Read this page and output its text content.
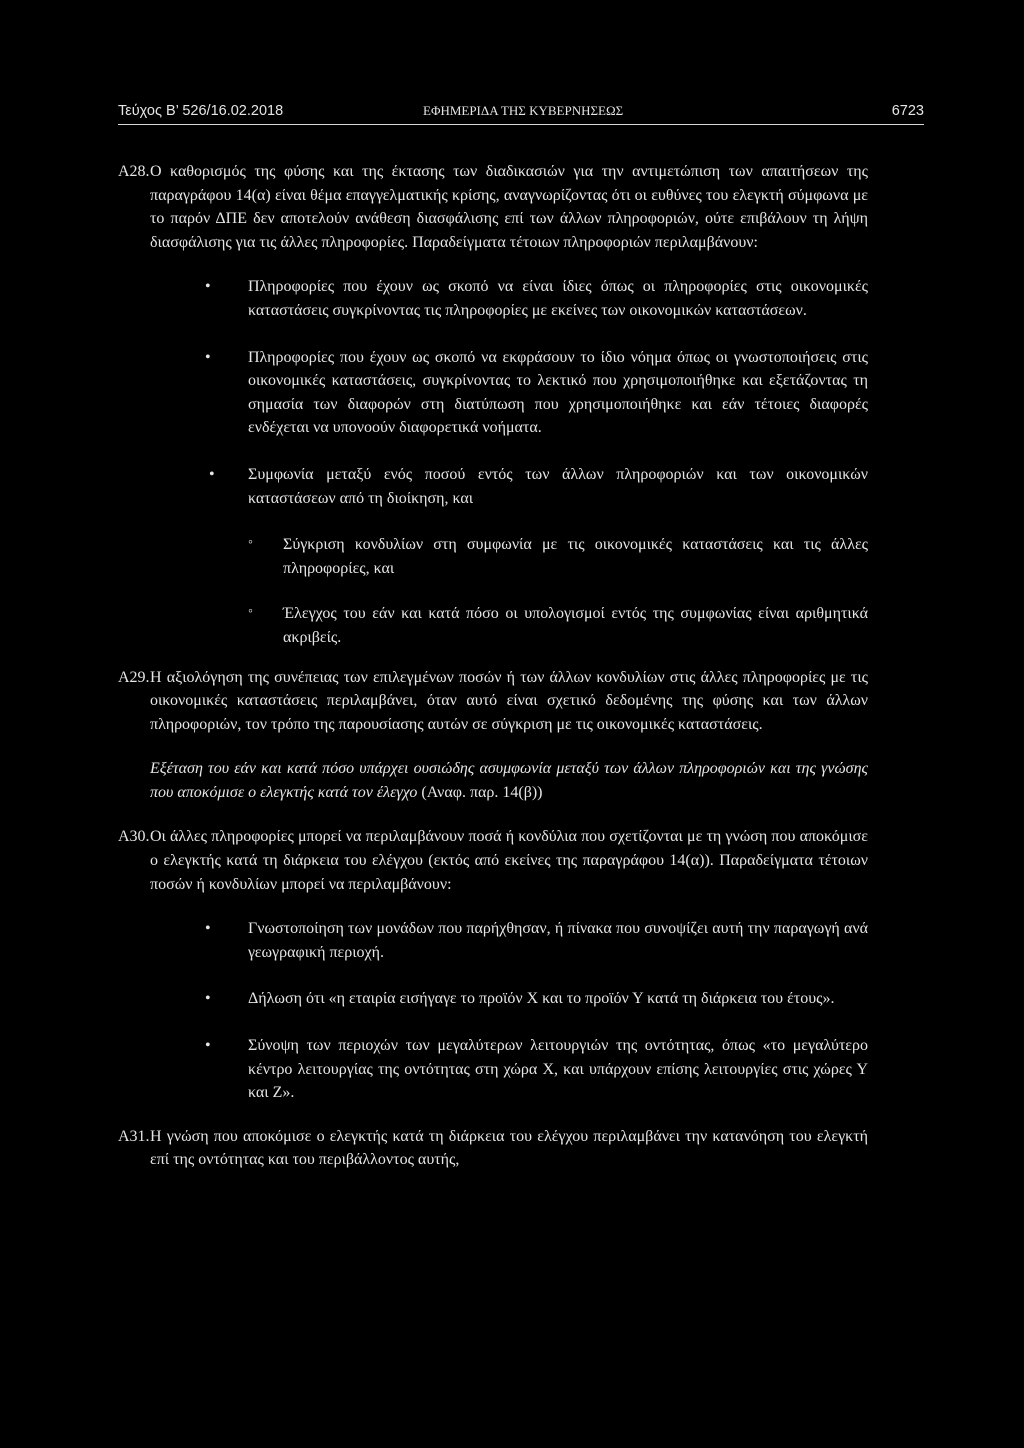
Τεύχος Β’ 526/16.02.2018	ΕΦΗΜΕΡΙΔΑ ΤΗΣ ΚΥΒΕΡΝΗΣΕΩΣ	6723
Α28. Ο καθορισμός της φύσης και της έκτασης των διαδικασιών για την αντιμετώπιση των απαιτήσεων της παραγράφου 14(α) είναι θέμα επαγγελματικής κρίσης, αναγνωρίζοντας ότι οι ευθύνες του ελεγκτή σύμφωνα με το παρόν ΔΠΕ δεν αποτελούν ανάθεση διασφάλισης επί των άλλων πληροφοριών, ούτε επιβάλουν τη λήψη διασφάλισης για τις άλλες πληροφορίες. Παραδείγματα τέτοιων πληροφοριών περιλαμβάνουν:
• Πληροφορίες που έχουν ως σκοπό να είναι ίδιες όπως οι πληροφορίες στις οικονομικές καταστάσεις συγκρίνοντας τις πληροφορίες με εκείνες των οικονομικών καταστάσεων.
• Πληροφορίες που έχουν ως σκοπό να εκφράσουν το ίδιο νόημα όπως οι γνωστοποιήσεις στις οικονομικές καταστάσεις, συγκρίνοντας το λεκτικό που χρησιμοποιήθηκε και εξετάζοντας τη σημασία των διαφορών στη διατύπωση που χρησιμοποιήθηκε και εάν τέτοιες διαφορές ενδέχεται να υπονοούν διαφορετικά νοήματα.
• Συμφωνία μεταξύ ενός ποσού εντός των άλλων πληροφοριών και των οικονομικών καταστάσεων από τη διοίκηση, και
◦ Σύγκριση κονδυλίων στη συμφωνία με τις οικονομικές καταστάσεις και τις άλλες πληροφορίες, και
◦ Έλεγχος του εάν και κατά πόσο οι υπολογισμοί εντός της συμφωνίας είναι αριθμητικά ακριβείς.
Α29. Η αξιολόγηση της συνέπειας των επιλεγμένων ποσών ή των άλλων κονδυλίων στις άλλες πληροφορίες με τις οικονομικές καταστάσεις περιλαμβάνει, όταν αυτό είναι σχετικό δεδομένης της φύσης και των άλλων πληροφοριών, τον τρόπο της παρουσίασης αυτών σε σύγκριση με τις οικονομικές καταστάσεις.
Εξέταση του εάν και κατά πόσο υπάρχει ουσιώδης ασυμφωνία μεταξύ των άλλων πληροφοριών και της γνώσης που αποκόμισε ο ελεγκτής κατά τον έλεγχο (Αναφ. παρ. 14(β))
Α30. Οι άλλες πληροφορίες μπορεί να περιλαμβάνουν ποσά ή κονδύλια που σχετίζονται με τη γνώση που αποκόμισε ο ελεγκτής κατά τη διάρκεια του ελέγχου (εκτός από εκείνες της παραγράφου 14(α)). Παραδείγματα τέτοιων ποσών ή κονδυλίων μπορεί να περιλαμβάνουν:
• Γνωστοποίηση των μονάδων που παρήχθησαν, ή πίνακα που συνοψίζει αυτή την παραγωγή ανά γεωγραφική περιοχή.
• Δήλωση ότι «η εταιρία εισήγαγε το προϊόν Χ και το προϊόν Υ κατά τη διάρκεια του έτους».
• Σύνοψη των περιοχών των μεγαλύτερων λειτουργιών της οντότητας, όπως «το μεγαλύτερο κέντρο λειτουργίας της οντότητας στη χώρα Χ, και υπάρχουν επίσης λειτουργίες στις χώρες Υ και Ζ».
Α31. Η γνώση που αποκόμισε ο ελεγκτής κατά τη διάρκεια του ελέγχου περιλαμβάνει την κατανόηση του ελεγκτή επί της οντότητας και του περιβάλλοντος αυτής,
